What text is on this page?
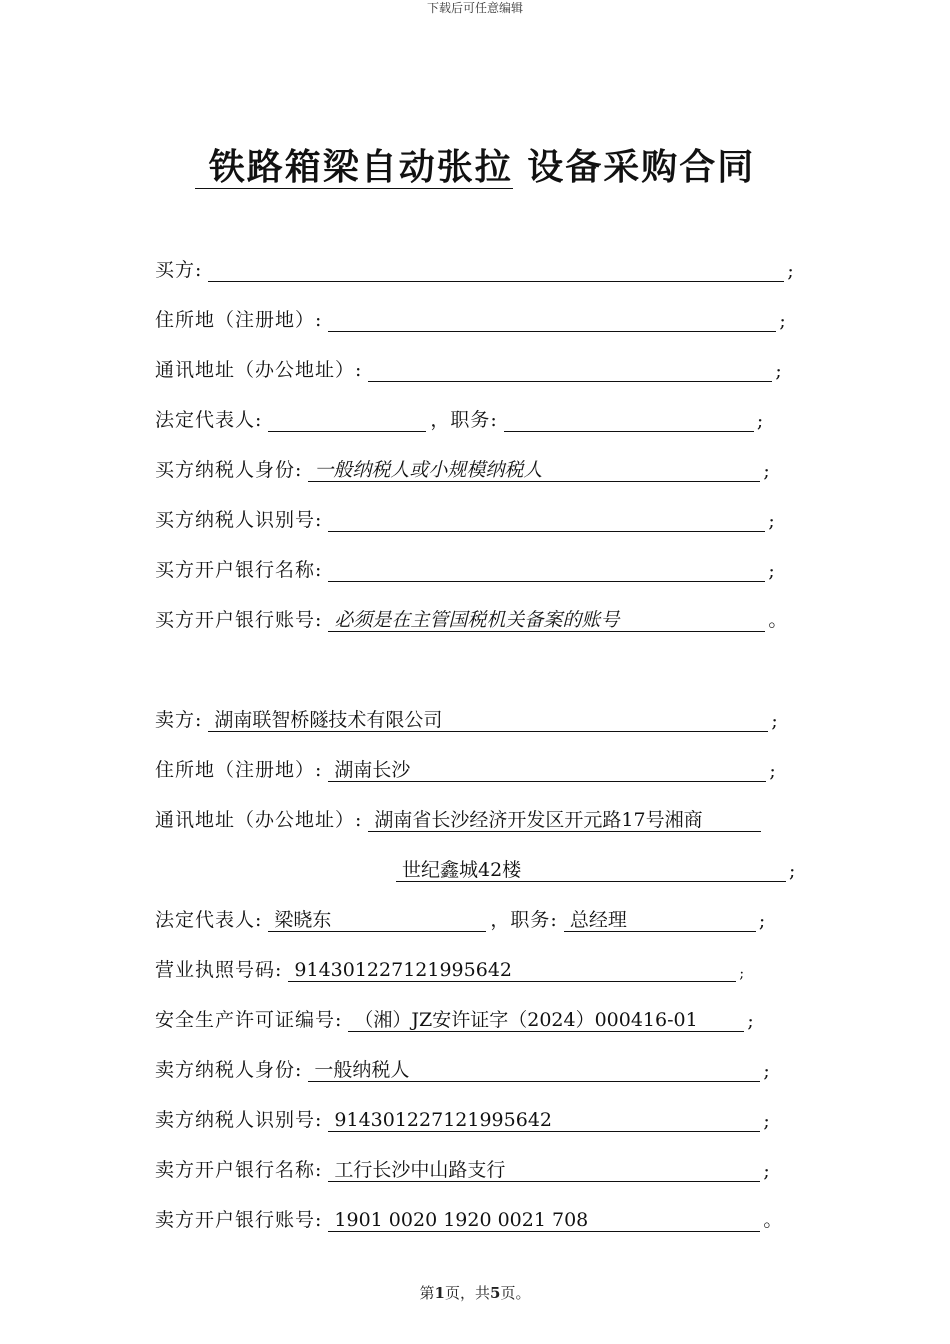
下载后可任意编辑
铁路箱梁自动张拉 设备采购合同
买方:	;
住所地（注册地）:	;
通讯地址（办公地址）:	;
法定代表人:	，职务:	;
买方纳税人身份: 一般纳税人或小规模纳税人	;
买方纳税人识别号:	;
买方开户银行名称:	;
买方开户银行账号: 必须是在主管国税机关备案的账号	。
卖方: 湖南联智桥隧技术有限公司	;
住所地（注册地）: 湖南长沙	;
通讯地址（办公地址）: 湖南省长沙经济开发区开元路17号湘商
世纪鑫城42楼	;
法定代表人: 梁晓东	，职务: 总经理	;
营业执照号码: 914301227121995642	;
安全生产许可证编号: （湘）JZ安许证字（2024）000416-01	;
卖方纳税人身份: 一般纳税人	;
卖方纳税人识别号: 914301227121995642	;
卖方开户银行名称: 工行长沙中山路支行	;
卖方开户银行账号: 1901 0020 1920 0021 708	。
第1页，共5页。
